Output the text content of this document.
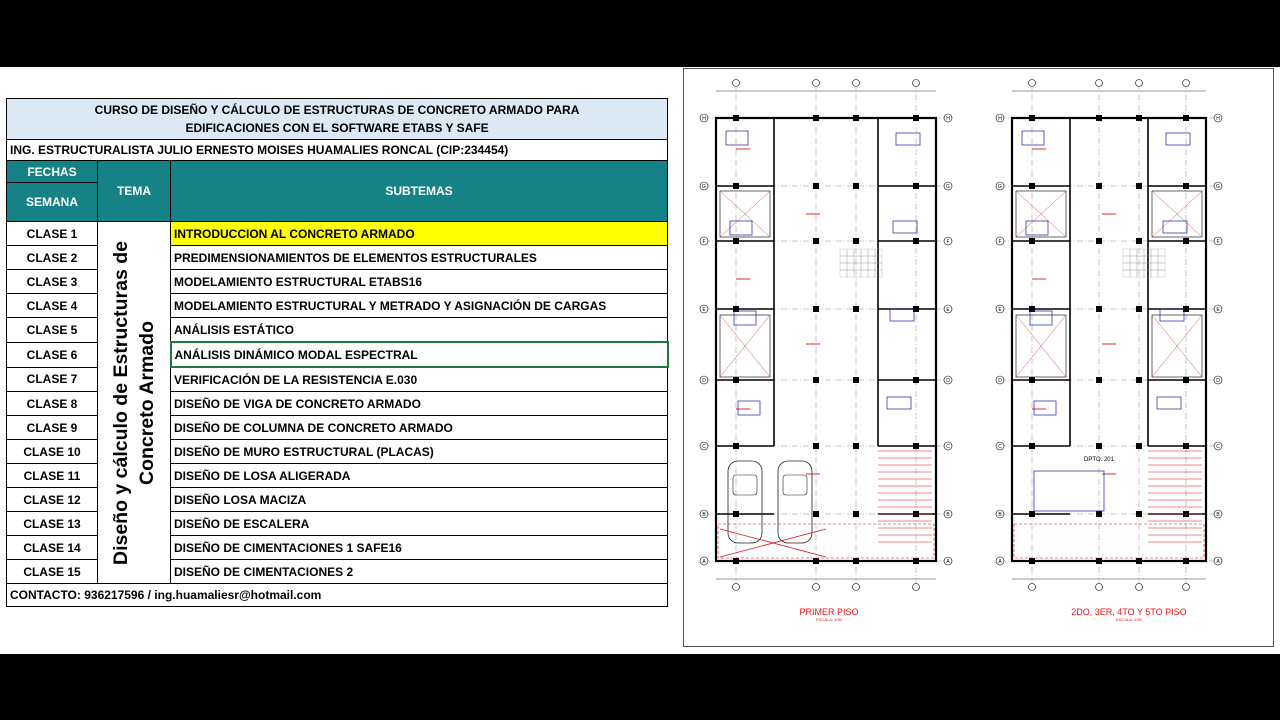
CURSO DE DISEÑO Y CÁLCULO DE ESTRUCTURAS DE CONCRETO ARMADO PARA
EDIFICACIONES CON EL SOFTWARE ETABS Y SAFE		

ING. ESTRUCTURALISTA JULIO ERNESTO MOISES HUAMALIES RONCAL (CIP:234454)		
FECHAS	TEMA	SUBTEMAS
SEMANA		
CLASE 1	Diseño y cálculo de Estructuras de Concreto Armado	INTRODUCCION AL CONCRETO ARMADO
CLASE 2		PREDIMENSIONAMIENTOS DE ELEMENTOS ESTRUCTURALES
CLASE 3		MODELAMIENTO ESTRUCTURAL ETABS16
CLASE 4		MODELAMIENTO ESTRUCTURAL Y METRADO Y ASIGNACIÓN DE CARGAS
CLASE 5		ANÁLISIS ESTÁTICO
CLASE 6		ANÁLISIS DINÁMICO MODAL ESPECTRAL
CLASE 7		VERIFICACIÓN DE LA RESISTENCIA E.030
CLASE 8		DISEÑO DE VIGA DE CONCRETO ARMADO
CLASE 9		DISEÑO DE COLUMNA DE CONCRETO ARMADO
CLASE 10		DISEÑO DE MURO ESTRUCTURAL (PLACAS)
CLASE 11		DISEÑO DE LOSA ALIGERADA
CLASE 12		DISEÑO LOSA MACIZA
CLASE 13		DISEÑO DE ESCALERA
CLASE 14		DISEÑO DE CIMENTACIONES 1 SAFE16
CLASE 15		DISEÑO DE CIMENTACIONES 2
CONTACTO: 936217596 / ing.huamaliesr@hotmail.com		
H	H
G	G
F	F
E	E
D	D
C	C
B	B
A	A
H	H
G	G
F	F
E	E
D	D
C	C
B	B
A	A
DPTO. 201
PRIMER PISO
ESCALA: 1/50
2DO, 3ER, 4TO Y 5TO PISO
ESCALA: 1/50
